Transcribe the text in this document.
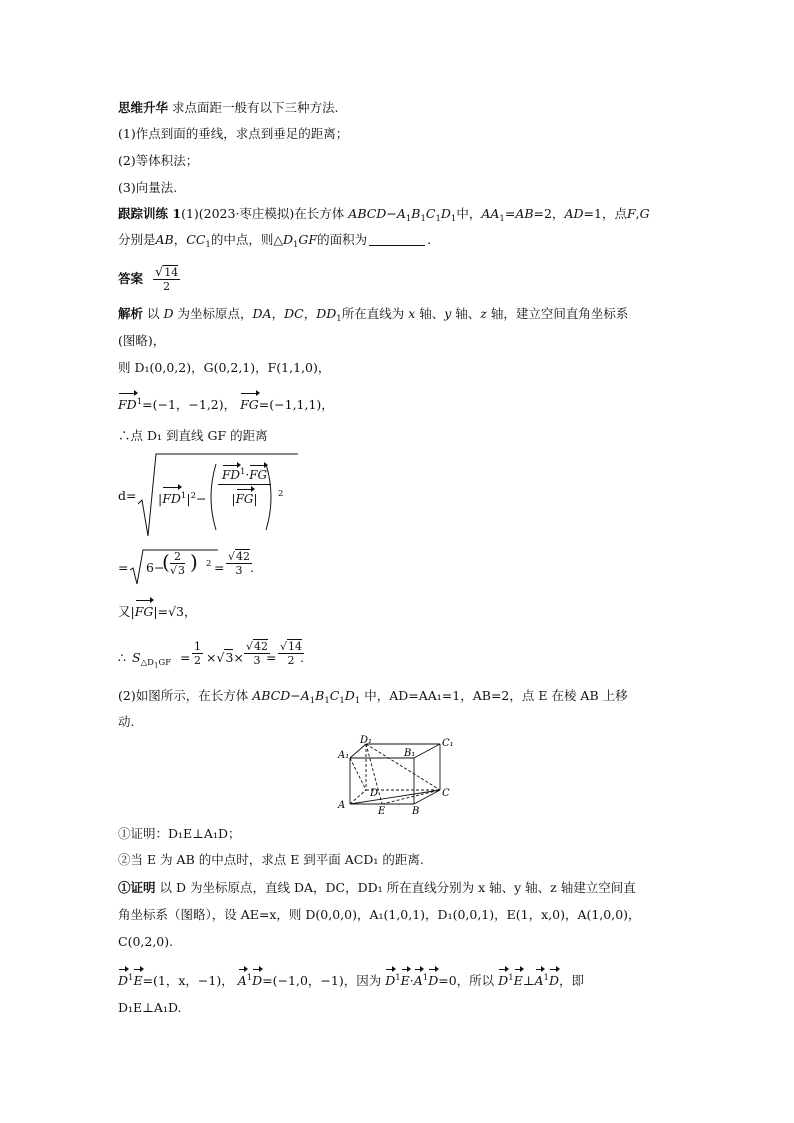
思维升华 求点面距一般有以下三种方法.
(1)作点到面的垂线，求点到垂足的距离；
(2)等体积法；
(3)向量法.
跟踪训练 1(1)(2023·枣庄模拟)在长方体 $ABCD-A_1B_1C_1D_1$中，$AA_1=AB=2$，AD=1，点F,G
分别是AB，$CC_1$的中点，则$\triangle D_1GF$的面积为	.
答案 $\frac{√14}{2}$
解析 以 D 为坐标原点，DA，DC，$DD_1$所在直线为 x 轴、y 轴、z 轴，建立空间直角坐标系
(图略)，
则 D₁(0,0,2)，G(0,2,1)，F(1,1,0)，
$FD^1=(-1$，−1,2)， FG=(−1,1,1)，
∴点 D₁ 到直线 GF 的距离
$d= |FD^1|^2- \frac{FD^1\cdot FG}{|FG|} 2$
= 6−
( $\frac{2}{√3}$ ) $2 = \frac{√42}{3}$
.
又|FG|=√3，
∴ $S_{\triangle D_1GF} = \frac{1}{2} \times√3\times \frac{√42}{3}$
= $\frac{√14}{2}$
.
(2)如图所示，在长方体 $ABCD-A_1B_1C_1D_1$ 中，AD=AA₁=1，AB=2，点 E 在棱 AB 上移
动.
A₁
D₁
B₁
C₁
A
D
E	B
C
①证明：D₁E⊥A₁D；
②当 E 为 AB 的中点时，求点 E 到平面 ACD₁ 的距离.
①证明 以 D 为坐标原点，直线 DA，DC，DD₁ 所在直线分别为 x 轴、y 轴、z 轴建立空间直
角坐标系（图略），设 AE=x，则 D(0,0,0)，A₁(1,0,1)，D₁(0,0,1)，E(1，x,0)，A(1,0,0)，
C(0,2,0).
$D^1E=(1$，x，−1)， $A^1D=(-1,0$，−1)，因为 $D^1E\cdot A^1D=0$，所以 $D^1E\perp A^1D$，即
D₁E⊥A₁D.
